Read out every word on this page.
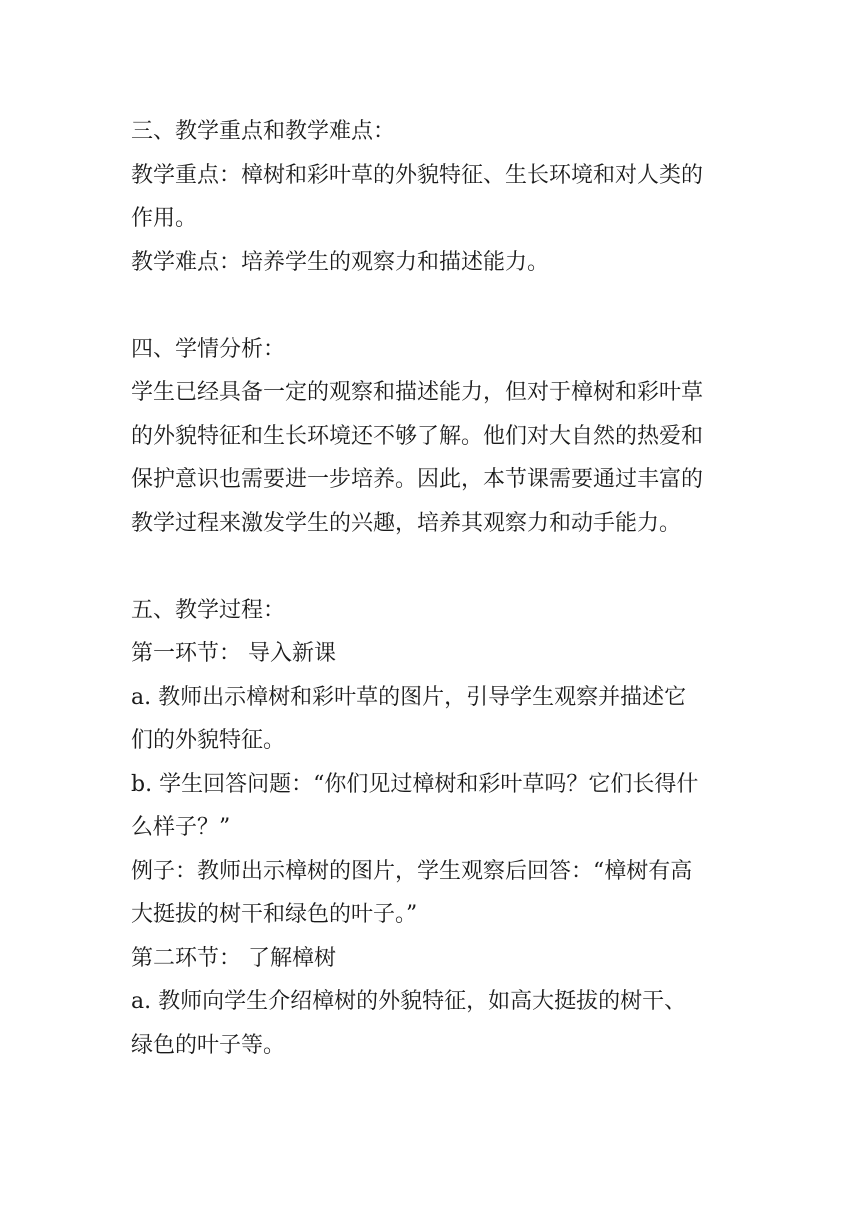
三、教学重点和教学难点：

教学重点：樟树和彩叶草的外貌特征、生长环境和对人类的

作用。

教学难点：培养学生的观察力和描述能力。

四、学情分析：

学生已经具备一定的观察和描述能力，但对于樟树和彩叶草

的外貌特征和生长环境还不够了解。他们对大自然的热爱和

保护意识也需要进一步培养。因此，本节课需要通过丰富的

教学过程来激发学生的兴趣，培养其观察力和动手能力。

五、教学过程：

第一环节： 导入新课

a. 教师出示樟树和彩叶草的图片，引导学生观察并描述它

们的外貌特征。

b. 学生回答问题：“你们见过樟树和彩叶草吗？它们长得什

么样子？”

例子：教师出示樟树的图片，学生观察后回答：“樟树有高

大挺拔的树干和绿色的叶子。”

第二环节： 了解樟树

a. 教师向学生介绍樟树的外貌特征，如高大挺拔的树干、

绿色的叶子等。
